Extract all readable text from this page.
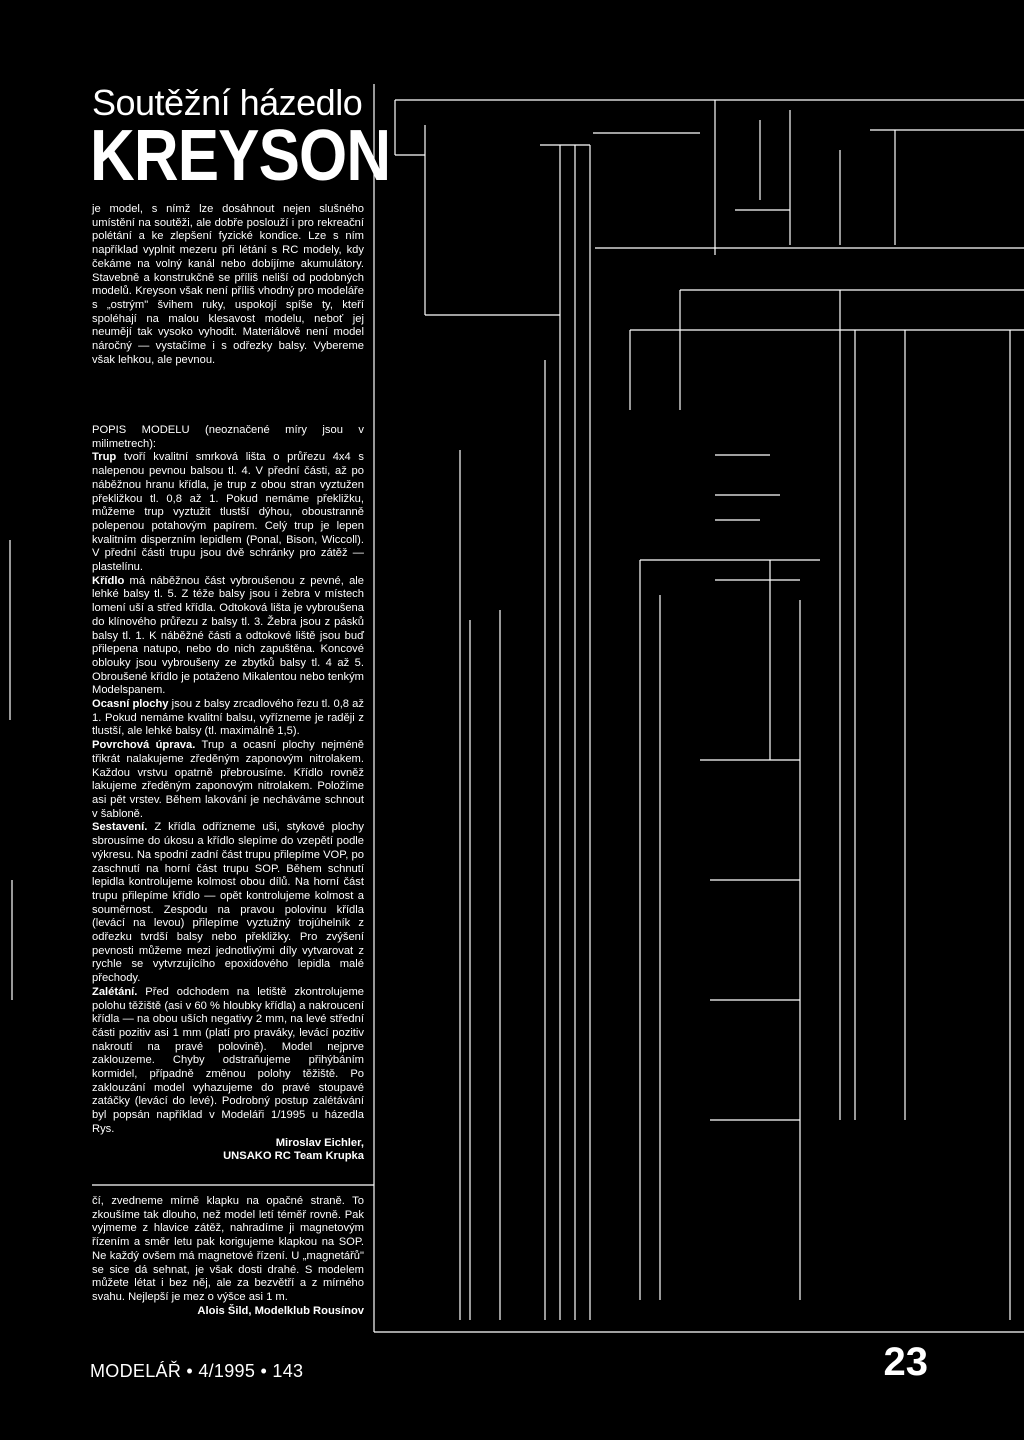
Soutěžní házedlo
KREYSON

je model, s nímž lze dosáhnout nejen slušného umístění na soutěži, ale dobře poslouží i pro rekreační polétání a ke zlepšení fyzické kondice. Lze s ním například vyplnit mezeru při létání s RC modely, kdy čekáme na volný kanál nebo dobíjíme akumulátory. Stavebně a konstrukčně se příliš neliší od podobných modelů. Kreyson však není příliš vhodný pro modeláře s „ostrým" švihem ruky, uspokojí spíše ty, kteří spoléhají na malou klesavost modelu, neboť jej neumějí tak vysoko vyhodit. Materiálově není model náročný — vystačíme i s odřezky balsy. Vybereme však lehkou, ale pevnou.

POPIS MODELU (neoznačené míry jsou v milimetrech):

Trup tvoří kvalitní smrková lišta o průřezu 4x4 s nalepenou pevnou balsou tl. 4. V přední části, až po náběžnou hranu křídla, je trup z obou stran vyztužen překližkou tl. 0,8 až 1. Pokud nemáme překližku, můžeme trup vyztužit tlustší dýhou, oboustranně polepenou potahovým papírem. Celý trup je lepen kvalitním disperzním lepidlem (Ponal, Bison, Wiccoll). V přední části trupu jsou dvě schránky pro zátěž — plastelínu.

Křídlo má náběžnou část vybroušenou z pevné, ale lehké balsy tl. 5. Z téže balsy jsou i žebra v místech lomení uší a střed křídla. Odtoková lišta je vybroušena do klínového průřezu z balsy tl. 3. Žebra jsou z pásků balsy tl. 1. K náběžné části a odtokové liště jsou buď přilepena natupo, nebo do nich zapuštěna. Koncové oblouky jsou vybroušeny ze zbytků balsy tl. 4 až 5. Obroušené křídlo je potaženo Mikalentou nebo tenkým Modelspanem.

Ocasní plochy jsou z balsy zrcadlového řezu tl. 0,8 až 1. Pokud nemáme kvalitní balsu, vyřízneme je raději z tlustší, ale lehké balsy (tl. maximálně 1,5).

Povrchová úprava. Trup a ocasní plochy nejméně třikrát nalakujeme zředěným zaponovým nitrolakem. Každou vrstvu opatrně přebrousíme. Křídlo rovněž lakujeme zředěným zaponovým nitrolakem. Položíme asi pět vrstev. Během lakování je necháváme schnout v šabloně.

Sestavení. Z křídla odřízneme uši, stykové plochy sbrousíme do úkosu a křídlo slepíme do vzepětí podle výkresu. Na spodní zadní část trupu přilepíme VOP, po zaschnutí na horní část trupu SOP. Během schnutí lepidla kontrolujeme kolmost obou dílů. Na horní část trupu přilepíme křídlo — opět kontrolujeme kolmost a souměrnost. Zespodu na pravou polovinu křídla (levácí na levou) přilepíme vyztužný trojúhelník z odřezku tvrdší balsy nebo překližky. Pro zvýšení pevnosti můžeme mezi jednotlivými díly vytvarovat z rychle se vytvrzujícího epoxidového lepidla malé přechody.

Zalétání. Před odchodem na letiště zkontrolujeme polohu těžiště (asi v 60 % hloubky křídla) a nakroucení křídla — na obou uších negativy 2 mm, na levé střední části pozitiv asi 1 mm (platí pro praváky, levácí pozitiv nakroutí na pravé polovině). Model nejprve zaklouzeme. Chyby odstraňujeme přihýbáním kormidel, případně změnou polohy těžiště. Po zaklouzání model vyhazujeme do pravé stoupavé zatáčky (levácí do levé). Podrobný postup zalétávání byl popsán například v Modeláři 1/1995 u házedla Rys.

Miroslav Eichler,

UNSAKO RC Team Krupka

čí, zvedneme mírně klapku na opačné straně. To zkoušíme tak dlouho, než model letí téměř rovně. Pak vyjmeme z hlavice zátěž, nahradíme ji magnetovým řízením a směr letu pak korigujeme klapkou na SOP. Ne každý ovšem má magnetové řízení. U „magnetářů" se sice dá sehnat, je však dosti drahé. S modelem můžete létat i bez něj, ale za bezvětří a z mírného svahu. Nejlepší je mez o výšce asi 1 m.

Alois Šild, Modelklub Rousínov

MODELÁŘ • 4/1995 • 143	23
